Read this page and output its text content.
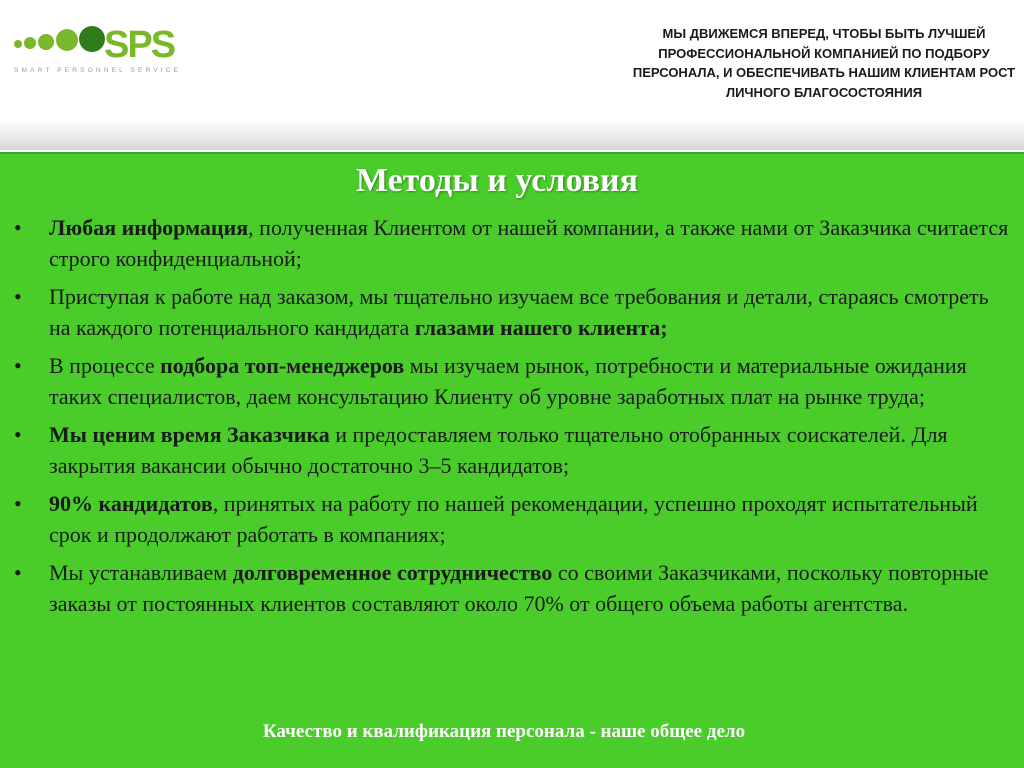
SPS
SMART PERSONNEL SERVICE
МЫ ДВИЖЕМСЯ ВПЕРЕД, ЧТОБЫ БЫТЬ ЛУЧШЕЙ ПРОФЕССИОНАЛЬНОЙ КОМПАНИЕЙ ПО ПОДБОРУ ПЕРСОНАЛА, И ОБЕСПЕЧИВАТЬ НАШИМ КЛИЕНТАМ РОСТ ЛИЧНОГО БЛАГОСОСТОЯНИЯ
Методы и условия
• Любая информация, полученная Клиентом от нашей компании, а также нами от Заказчика считается строго конфиденциальной;
• Приступая к работе над заказом, мы тщательно изучаем все требования и детали, стараясь смотреть на каждого потенциального кандидата глазами нашего клиента;
• В процессе подбора топ-менеджеров мы изучаем рынок, потребности и материальные ожидания таких специалистов, даем консультацию Клиенту об уровне заработных плат на рынке труда;
• Мы ценим время Заказчика и предоставляем только тщательно отобранных соискателей. Для закрытия вакансии обычно достаточно 3–5 кандидатов;
• 90% кандидатов, принятых на работу по нашей рекомендации, успешно проходят испытательный срок и продолжают работать в компаниях;
• Мы устанавливаем долговременное сотрудничество со своими Заказчиками, поскольку повторные заказы от постоянных клиентов составляют около 70% от общего объема работы агентства.
Качество и квалификация персонала - наше общее дело
